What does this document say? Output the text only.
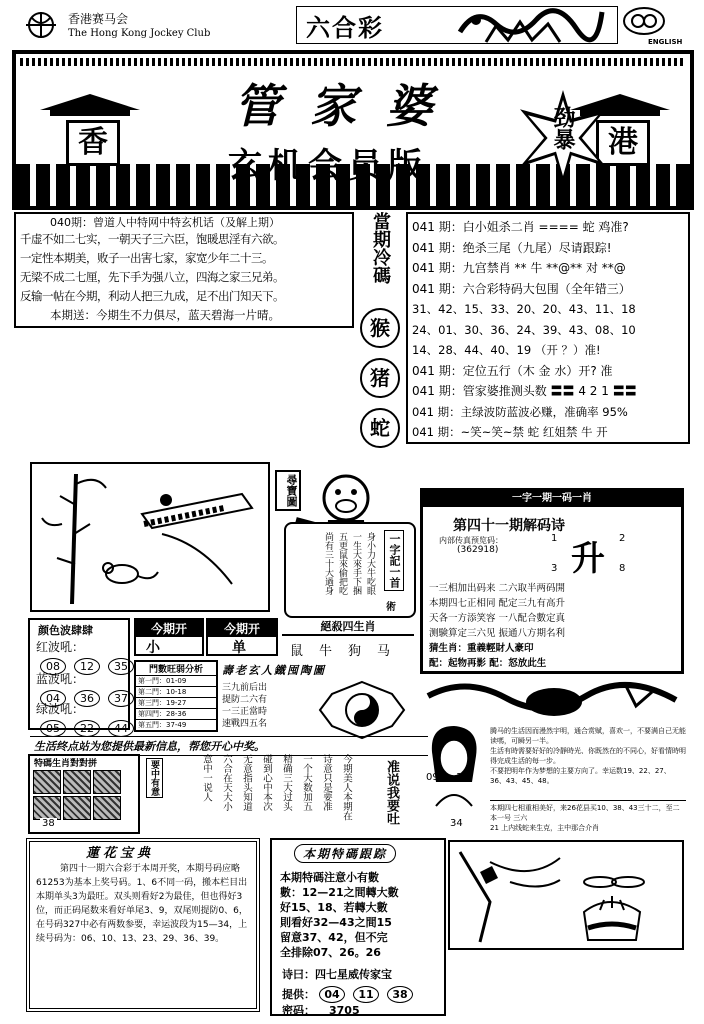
香港赛马会
The Hong Kong Jockey Club	六合彩	ENGLISH
香	港
管家婆	劲暴
玄机会员版
040期：曾道人中特网中特玄机话（及解上期）
千虚不如二七实，一朝天子三六臣，饱暖思淫有六欲。
一定性本期美，败子一出害七家，家宽少年二十三。
无梁不成二七厘，先下手为强八立，四海之家三兄弟。
反输一帖在今期，利动人把三九成，足不出门知天下。
本期送：今期生不力俱尽，蓝天碧海一片晴。
當期冷碼
猴
猪
蛇
041 期：白小姐杀二肖 ==== 蛇 鸡准?
041 期：绝杀三尾（九尾）尽请跟踪!
041 期：九宫禁肖 ** 牛 **@** 对 **@
041 期：六合彩特码大包围（全年错三）
31、42、15、33、20、20、43、11、18
24、01、30、36、24、39、43、08、10
14、28、44、40、19 （开 ？）准!
041 期：定位五行（木 金 水）开? 准
041 期：管家婆推测头数 〓〓 4 2 1 〓〓
041 期：主绿波防蓝波必赚，准确率 95%
041 期：~笑~笑~禁 蛇 红姐禁 牛 开
尋寶圖
身小力大牛吃眼
一生大來手下捆
五更鼠來偷把吃
尚有三十大過身	一字記一首
術
颜色波肆肆
红波吼：
08 12 35
蓝波吼：
04 36 37
绿波吼：
05 22 44
今期开
小
今期开
单
絕殺四生肖
鼠 牛 狗 马
門數旺弱分析
第一門：01-09
第二門：10-18
第三門：19-27
第四門：28-36
第五門：37-49
壽老玄人鐵囤陶圖
三九前后出
提防二六有
一三正當時
速戰四五名
生活终点站为您提供最新信息，帮您开心中奖。
特碼生肖對對拼

38
要中有意	今期美人本期在
诗意只是要准
一个大数加五
精确三大过头
碰到心中本次
无意指头知道
六合在天大小
意中一说人	准说我要吐
一字一期一码一肖
第四十一期解码诗
内部传真预览码：
(362918) 升
1
3
2
8
一三相加出码来 二六取半两码開
本期四七正相同 配定三九有高升
天各一方添笑容 一八配合數定真
测験算定三六见 振通八方期名利
猜生肖：重義輕財人豪印
配：起物再影 配：怒放此生
09 17
34
腾马的生活因而漫然宇明，通合赏赋，喜欢一，不要满自己无能读嗎，可瞬另一半。
生活有時需要好好的冷靜時光、你既然在的不同心，好看情時明得完成生活的每一步。
不要把明年作为梦想的主要方向了。幸运数19、22、27、36、43、45、48。
本期四七相重相美好，来26花县买10、38、43三十二，至二本一号 三六
21 上内线蛇来生克，主中那合介肖
蓮花宝典
第四十一期六合彩于本周开奖，本期号码应略61253为基本上奖号码。1、6不同一码，搬本栏目出本期单头3为最旺。双头则看好2为最佳，但也得好3位，而正码尾数来看好单尾3、9，双尾则提防0、6，在号码327中必有两数参要，幸运波段为15—34，上续号码为：06、10、13、23、29、36、39。
本期特碼跟踪
本期特碼注意小有數
數：12—21之間轉大數
好15、18、若轉大數
則看好32—43之間15
留意37、42，但不完
全排除07、26。26
诗曰：四七星威传家宝
提供： 04 11 38
密码： 3705
